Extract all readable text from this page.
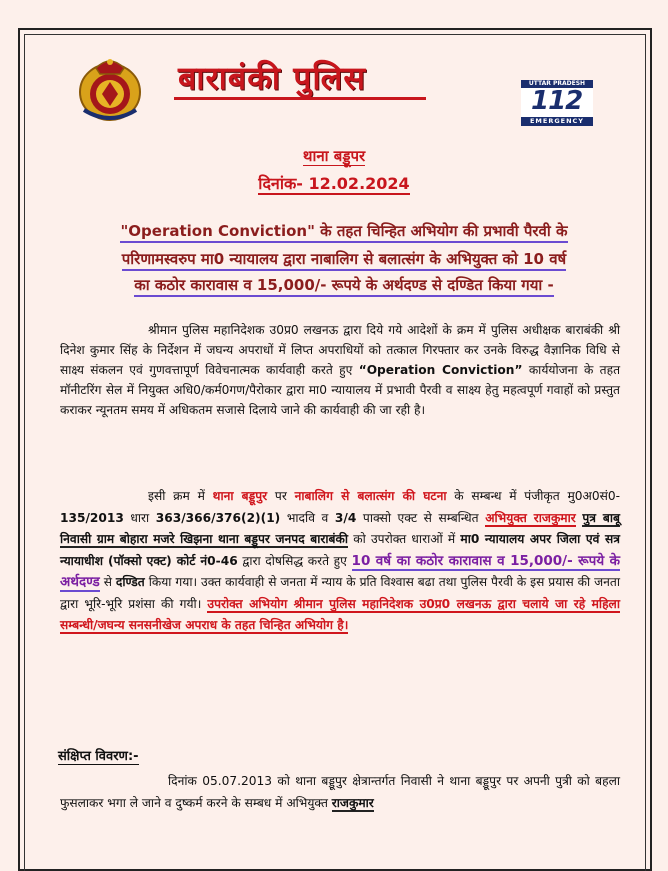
बाराबंकी पुलिस	UTTAR PRADESH
112
EMERGENCY
थाना बड्डूपर
दिनांक- 12.02.2024
"Operation Conviction" के तहत चिन्हित अभियोग की प्रभावी पैरवी के
परिणामस्वरुप मा0 न्यायालय द्वारा नाबालिग से बलात्संग के अभियुक्त को 10 वर्ष
का कठोर कारावास व 15,000/- रूपये के अर्थदण्ड से दण्डित किया गया -
श्रीमान पुलिस महानिदेशक उ0प्र0 लखनऊ द्वारा दिये गये आदेशों के क्रम में पुलिस अधीक्षक बाराबंकी श्री दिनेश कुमार सिंह के निर्देशन में जघन्य अपराधों में लिप्त अपराधियों को तत्काल गिरफ्तार कर उनके विरुद्ध वैज्ञानिक विधि से साक्ष्य संकलन एवं गुणवत्तापूर्ण विवेचनात्मक कार्यवाही करते हुए “Operation Conviction” कार्ययोजना के तहत मॉनीटरिंग सेल में नियुक्त अधि0/कर्म0गण/पैरोकार द्वारा मा0 न्यायालय में प्रभावी पैरवी व साक्ष्य हेतु महत्वपूर्ण गवाहों को प्रस्तुत कराकर न्यूनतम समय में अधिकतम सजासे दिलाये जाने की कार्यवाही की जा रही है।
इसी क्रम में थाना बड्डूपुर पर नाबालिग से बलात्संग की घटना के सम्बन्ध में पंजीकृत मु0अ0सं0-135/2013 धारा 363/366/376(2)(1) भादवि व 3/4 पाक्सो एक्ट से सम्बन्धित अभियुक्त राजकुमार पुत्र बाबू निवासी ग्राम बोहारा मजरे खिझना थाना बड्डूपर जनपद बाराबंकी को उपरोक्त धाराओं में मा0 न्यायालय अपर जिला एवं सत्र न्यायाधीश (पॉक्सो एक्ट) कोर्ट नं0-46 द्वारा दोषसिद्ध करते हुए 10 वर्ष का कठोर कारावास व 15,000/- रूपये के अर्थदण्ड से दण्डित किया गया। उक्त कार्यवाही से जनता में न्याय के प्रति विश्वास बढा तथा पुलिस पैरवी के इस प्रयास की जनता द्वारा भूरि-भूरि प्रशंसा की गयी। उपरोक्त अभियोग श्रीमान पुलिस महानिदेशक उ0प्र0 लखनऊ द्वारा चलाये जा रहे महिला सम्बन्धी/जघन्य सनसनीखेज अपराध के तहत चिन्हित अभियोग है।
संक्षिप्त विवरण:-
दिनांक 05.07.2013 को थाना बड्डूपुर क्षेत्रान्तर्गत निवासी ने थाना बड्डूपुर पर अपनी पुत्री को बहला फुसलाकर भगा ले जाने व दुष्कर्म करने के सम्बध में अभियुक्त राजकुमार
